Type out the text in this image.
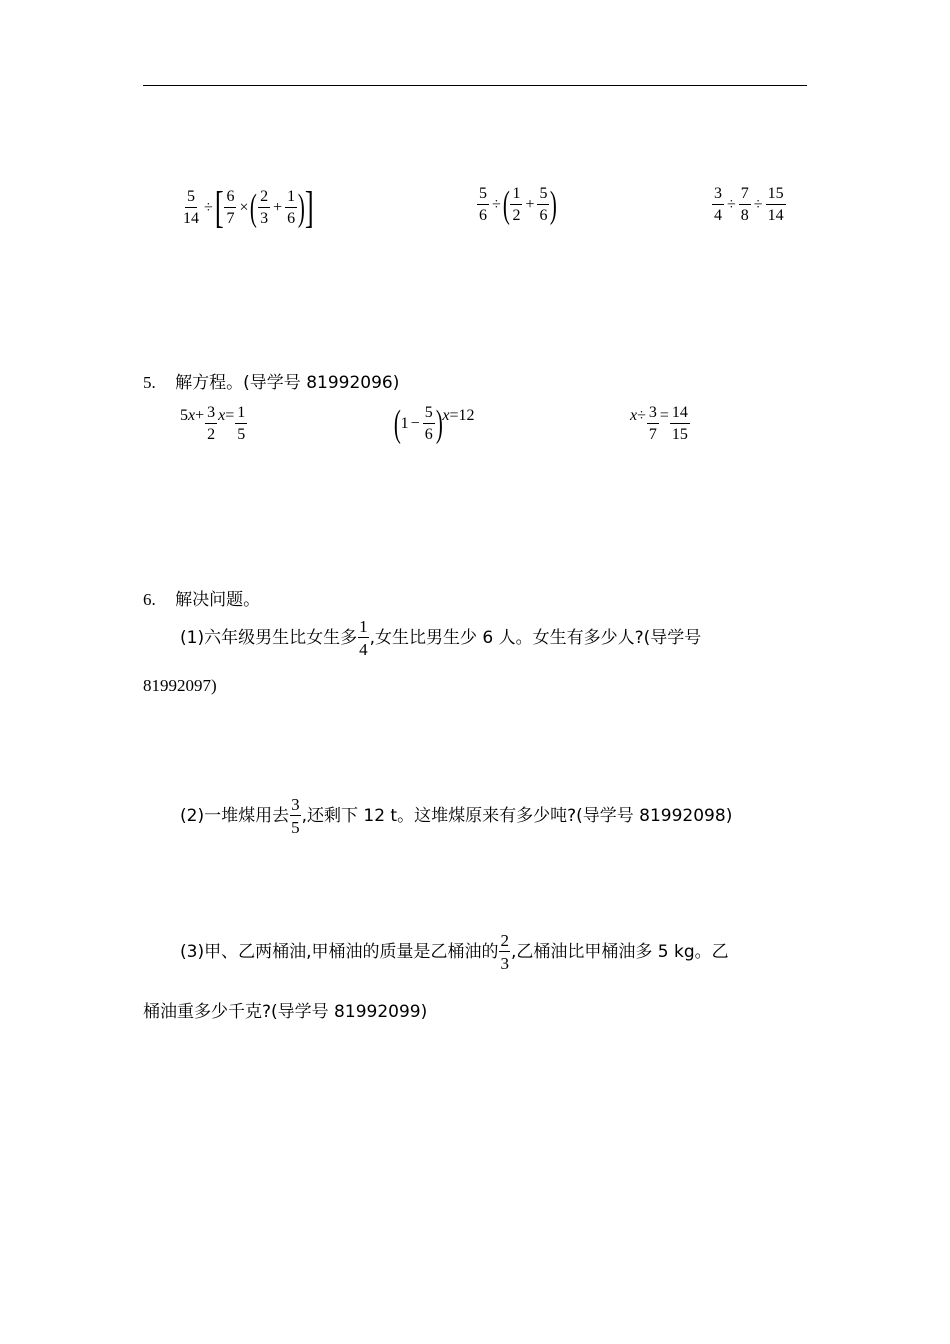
$\frac{5}{14}$ ÷ [ $\frac{6}{7}$ × ( $\frac{2}{3} + \frac{1}{6}$ ) ]	$\frac{5}{6}$ ÷ ( $\frac{1}{2} + \frac{5}{6}$ )	$\frac{3}{4} \div \frac{7}{8} \div \frac{15}{14}$
5. 解方程。(导学号 81992096)
5 $x + \frac{3}{2}$ $x = \frac{1}{5}$	( $1 - \frac{5}{6}$ ) x =12	$x \div \frac{3}{7} = \frac{14}{15}$
6. 解决问题。
(1)六年级男生比女生多 $\frac{1}{4}$ ,女生比男生少 6 人。女生有多少人?(导学号
81992097)
(2)一堆煤用去 $\frac{3}{5}$ ,还剩下 12 t。这堆煤原来有多少吨?(导学号 81992098)
(3)甲、乙两桶油,甲桶油的质量是乙桶油的 $\frac{2}{3}$ ,乙桶油比甲桶油多 5 kg。乙
桶油重多少千克?(导学号 81992099)
